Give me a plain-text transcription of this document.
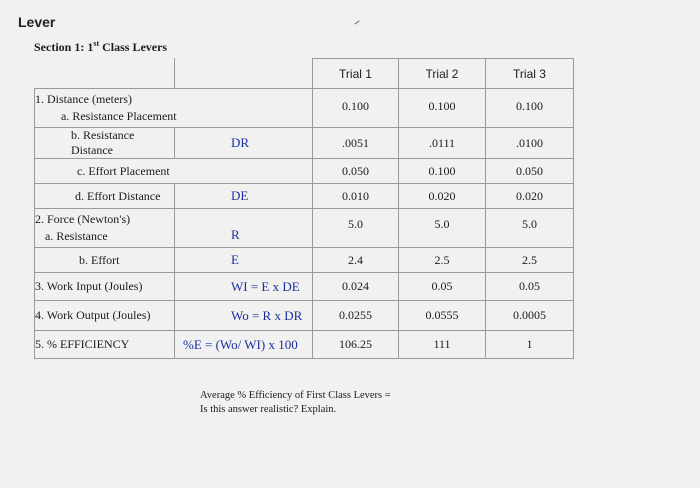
Lever
Section 1: 1st Class Levers
		Trial 1	Trial 2	Trial 3

1. Distance (meters)
a. Resistance Placement		0.100	0.100	0.100
b. Resistance Distance	DR	.0051	.0111	.0100
c. Effort Placement		0.050	0.100	0.050
d. Effort Distance	DE	0.010	0.020	0.020

2. Force (Newton's)
a. Resistance	R	5.0	5.0	5.0
b. Effort	E	2.4	2.5	2.5
3. Work Input (Joules)	WI = E x DE	0.024	0.05	0.05
4. Work Output (Joules)	Wo = R x DR	0.0255	0.0555	0.0005
5. % EFFICIENCY	%E = (Wo/ WI) x 100	106.25	111	1
Average % Efficiency of First Class Levers =
Is this answer realistic? Explain.
